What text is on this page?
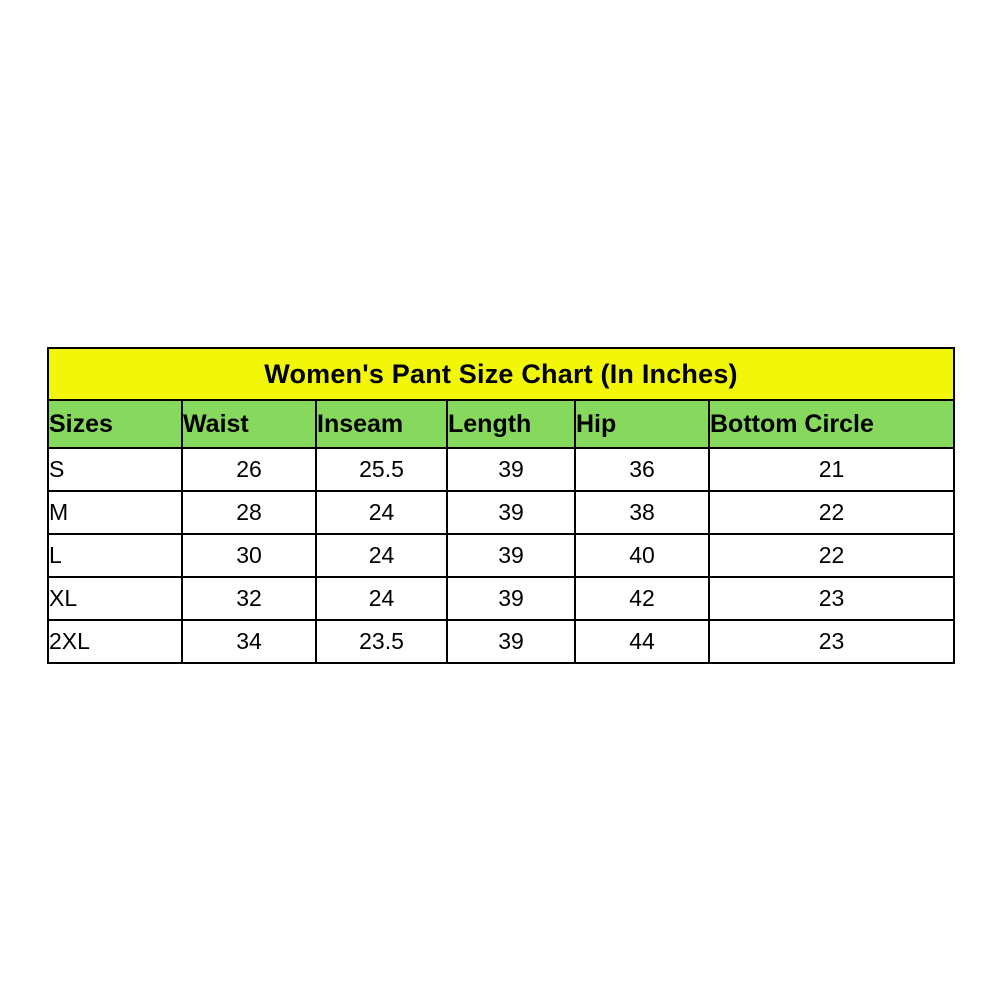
Women's Pant Size Chart (In Inches)					
Sizes	Waist	Inseam	Length	Hip	Bottom Circle
S	26	25.5	39	36	21
M	28	24	39	38	22
L	30	24	39	40	22
XL	32	24	39	42	23
2XL	34	23.5	39	44	23
